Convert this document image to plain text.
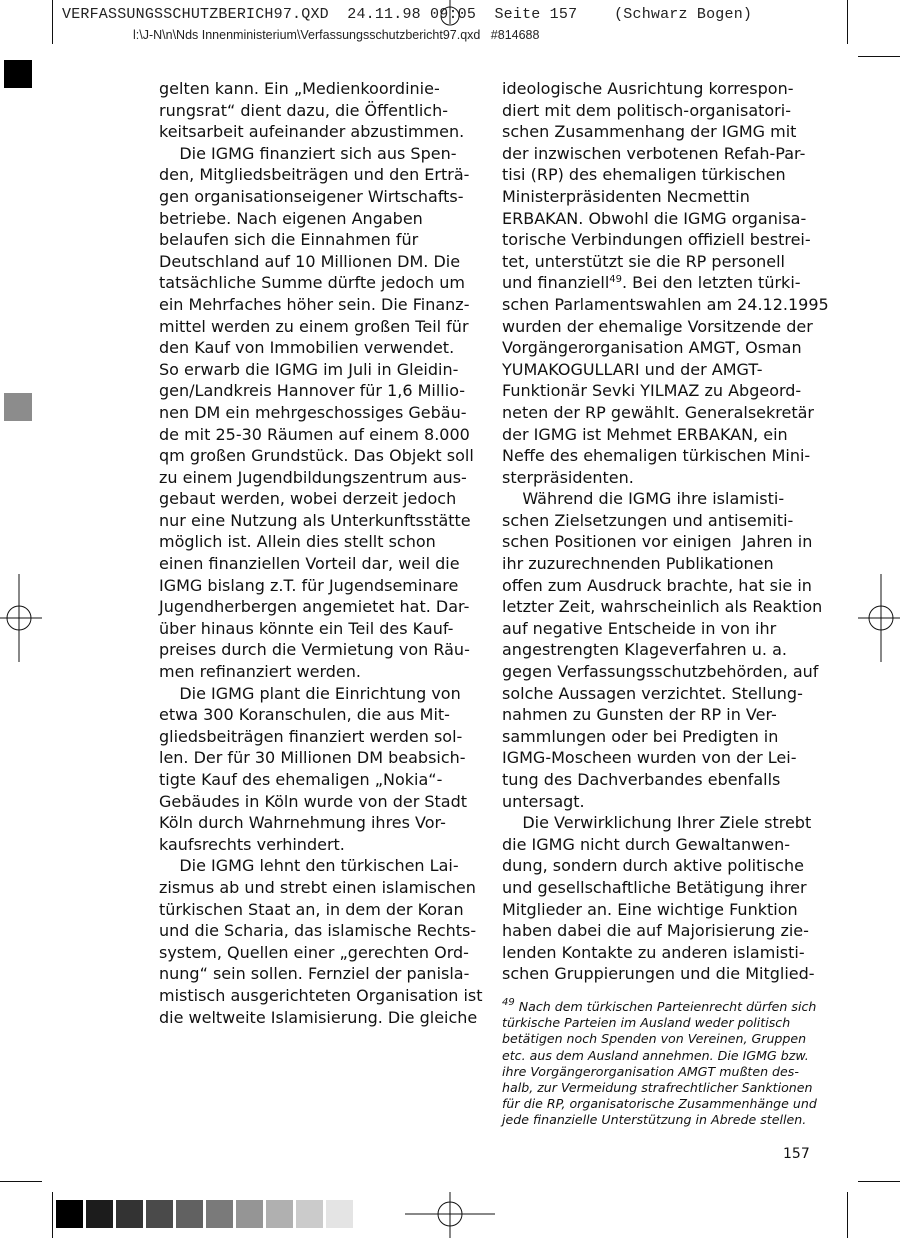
VERFASSUNGSSCHUTZBERICH97.QXD  24.11.98 09:05  Seite 157    (Schwarz Bogen)
l:\J-N\n\Nds Innenministerium\Verfassungsschutzbericht97.qxd   #814688
gelten kann. Ein „Medienkoordinie-
rungsrat“ dient dazu, die Öffentlich-
keitsarbeit aufeinander abzustimmen.
Die IGMG finanziert sich aus Spen-
den, Mitgliedsbeiträgen und den Erträ-
gen organisationseigener Wirtschafts-
betriebe. Nach eigenen Angaben
belaufen sich die Einnahmen für
Deutschland auf 10 Millionen DM. Die
tatsächliche Summe dürfte jedoch um
ein Mehrfaches höher sein. Die Finanz-
mittel werden zu einem großen Teil für
den Kauf von Immobilien verwendet.
So erwarb die IGMG im Juli in Gleidin-
gen/Landkreis Hannover für 1,6 Millio-
nen DM ein mehrgeschossiges Gebäu-
de mit 25-30 Räumen auf einem 8.000
qm großen Grundstück. Das Objekt soll
zu einem Jugendbildungszentrum aus-
gebaut werden, wobei derzeit jedoch
nur eine Nutzung als Unterkunftsstätte
möglich ist. Allein dies stellt schon
einen finanziellen Vorteil dar, weil die
IGMG bislang z.T. für Jugendseminare
Jugendherbergen angemietet hat. Dar-
über hinaus könnte ein Teil des Kauf-
preises durch die Vermietung von Räu-
men refinanziert werden.
Die IGMG plant die Einrichtung von
etwa 300 Koranschulen, die aus Mit-
gliedsbeiträgen finanziert werden sol-
len. Der für 30 Millionen DM beabsich-
tigte Kauf des ehemaligen „Nokia“-
Gebäudes in Köln wurde von der Stadt
Köln durch Wahrnehmung ihres Vor-
kaufsrechts verhindert.
Die IGMG lehnt den türkischen Lai-
zismus ab und strebt einen islamischen
türkischen Staat an, in dem der Koran
und die Scharia, das islamische Rechts-
system, Quellen einer „gerechten Ord-
nung“ sein sollen. Fernziel der panisla-
mistisch ausgerichteten Organisation ist
die weltweite Islamisierung. Die gleiche
ideologische Ausrichtung korrespon-
diert mit dem politisch-organisatori-
schen Zusammenhang der IGMG mit
der inzwischen verbotenen Refah-Par-
tisi (RP) des ehemaligen türkischen
Ministerpräsidenten Necmettin
ERBAKAN. Obwohl die IGMG organisa-
torische Verbindungen offiziell bestrei-
tet, unterstützt sie die RP personell
und finanziell$^{49}$. Bei den letzten türki-
schen Parlamentswahlen am 24.12.1995
wurden der ehemalige Vorsitzende der
Vorgängerorganisation AMGT, Osman
YUMAKOGULLARI und der AMGT-
Funktionär Sevki YILMAZ zu Abgeord-
neten der RP gewählt. Generalsekretär
der IGMG ist Mehmet ERBAKAN, ein
Neffe des ehemaligen türkischen Mini-
sterpräsidenten.
Während die IGMG ihre islamisti-
schen Zielsetzungen und antisemiti-
schen Positionen vor einigen  Jahren in
ihr zuzurechnenden Publikationen
offen zum Ausdruck brachte, hat sie in
letzter Zeit, wahrscheinlich als Reaktion
auf negative Entscheide in von ihr
angestrengten Klageverfahren u. a.
gegen Verfassungsschutzbehörden, auf
solche Aussagen verzichtet. Stellung-
nahmen zu Gunsten der RP in Ver-
sammlungen oder bei Predigten in
IGMG-Moscheen wurden von der Lei-
tung des Dachverbandes ebenfalls
untersagt.
Die Verwirklichung Ihrer Ziele strebt
die IGMG nicht durch Gewaltanwen-
dung, sondern durch aktive politische
und gesellschaftliche Betätigung ihrer
Mitglieder an. Eine wichtige Funktion
haben dabei die auf Majorisierung zie-
lenden Kontakte zu anderen islamisti-
schen Gruppierungen und die Mitglied-
$^{49}$ Nach dem türkischen Parteienrecht dürfen sich
türkische Parteien im Ausland weder politisch
betätigen noch Spenden von Vereinen, Gruppen
etc. aus dem Ausland annehmen. Die IGMG bzw.
ihre Vorgängerorganisation AMGT mußten des-
halb, zur Vermeidung strafrechtlicher Sanktionen
für die RP, organisatorische Zusammenhänge und
jede finanzielle Unterstützung in Abrede stellen.
157
